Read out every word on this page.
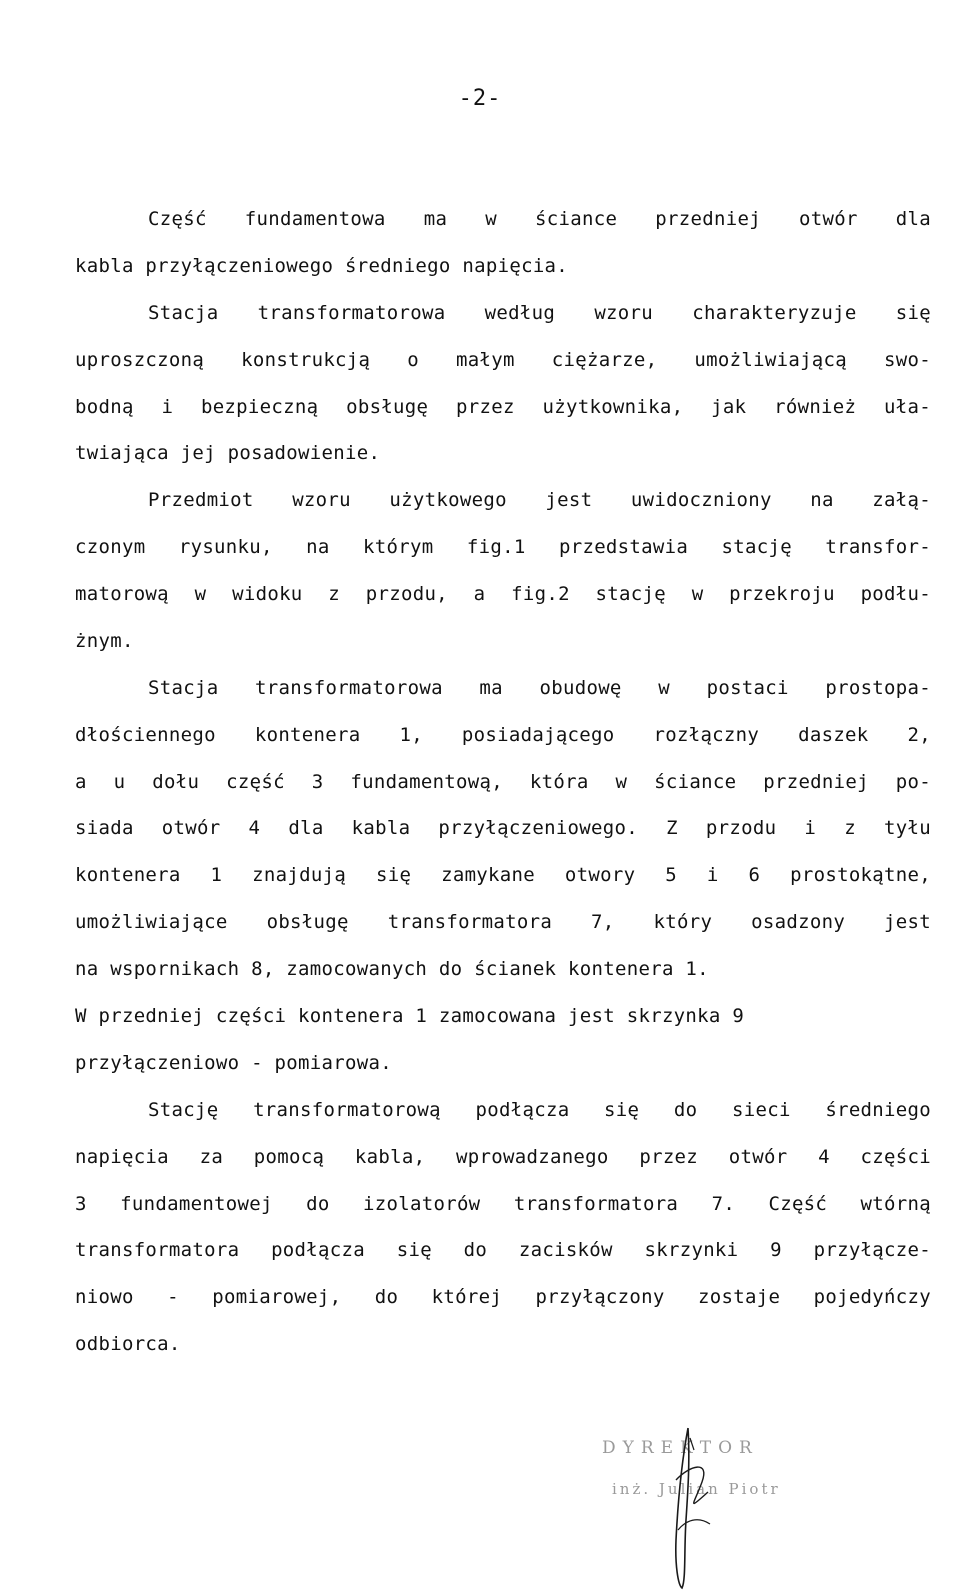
-2-
Część fundamentowa ma w ściance przedniej otwór dla
kabla przyłączeniowego średniego napięcia.
Stacja transformatorowa według wzoru charakteryzuje się
uproszczoną konstrukcją o małym ciężarze, umożliwiającą swo-
bodną i bezpieczną obsługę przez użytkownika, jak również uła-
twiająca jej posadowienie.
Przedmiot wzoru użytkowego jest uwidoczniony na załą-
czonym rysunku, na którym fig.1 przedstawia stację transfor-
matorową w widoku z przodu, a fig.2 stację w przekroju podłu-
żnym.
Stacja transformatorowa ma obudowę w postaci prostopa-
dłościennego kontenera 1, posiadającego rozłączny daszek 2,
a u dołu część 3 fundamentową, która w ściance przedniej po-
siada otwór 4 dla kabla przyłączeniowego. Z przodu i z tyłu
kontenera 1 znajdują się zamykane otwory 5 i 6 prostokątne,
umożliwiające obsługę transformatora 7, który osadzony jest
na wspornikach 8, zamocowanych do ścianek kontenera 1.
W przedniej części kontenera 1 zamocowana jest skrzynka 9
przyłączeniowo - pomiarowa.
Stację transformatorową podłącza się do sieci średniego
napięcia za pomocą kabla, wprowadzanego przez otwór 4 części
3 fundamentowej do izolatorów transformatora 7. Część wtórną
transformatora podłącza się do zacisków skrzynki 9 przyłącze-
niowo - pomiarowej, do której przyłączony zostaje pojedyńczy
odbiorca.
DYREKTOR
inż. Julian Piotr
